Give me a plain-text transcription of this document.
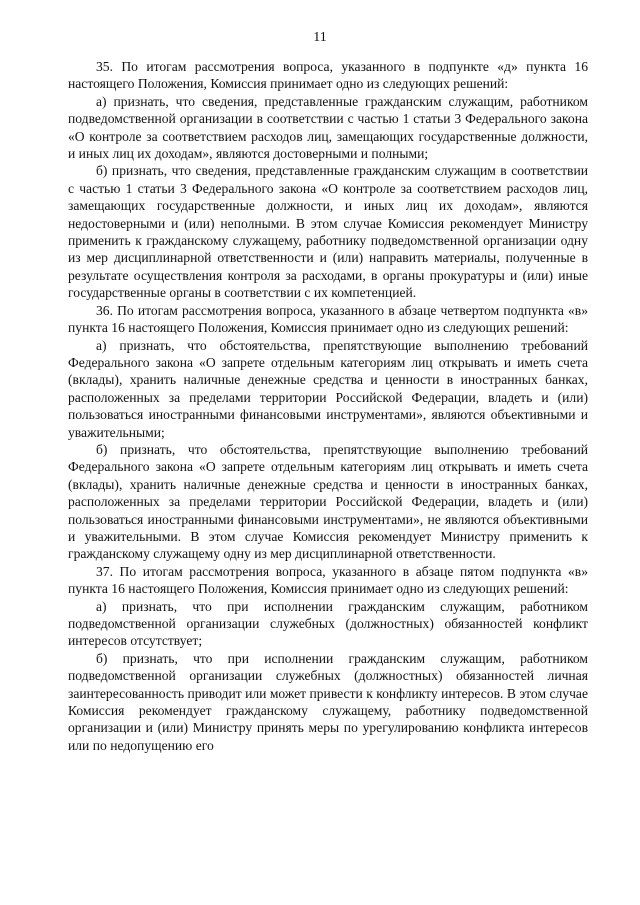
11

35. По итогам рассмотрения вопроса, указанного в подпункте «д» пункта 16 настоящего Положения, Комиссия принимает одно из следующих решений:

а) признать, что сведения, представленные гражданским служащим, работником подведомственной организации в соответствии с частью 1 статьи 3 Федерального закона «О контроле за соответствием расходов лиц, замещающих государственные должности, и иных лиц их доходам», являются достоверными и полными;

б) признать, что сведения, представленные гражданским служащим в соответствии с частью 1 статьи 3 Федерального закона «О контроле за соответствием расходов лиц, замещающих государственные должности, и иных лиц их доходам», являются недостоверными и (или) неполными. В этом случае Комиссия рекомендует Министру применить к гражданскому служащему, работнику подведомственной организации одну из мер дисциплинарной ответственности и (или) направить материалы, полученные в результате осуществления контроля за расходами, в органы прокуратуры и (или) иные государственные органы в соответствии с их компетенцией.

36. По итогам рассмотрения вопроса, указанного в абзаце четвертом подпункта «в» пункта 16 настоящего Положения, Комиссия принимает одно из следующих решений:

а) признать, что обстоятельства, препятствующие выполнению требований Федерального закона «О запрете отдельным категориям лиц открывать и иметь счета (вклады), хранить наличные денежные средства и ценности в иностранных банках, расположенных за пределами территории Российской Федерации, владеть и (или) пользоваться иностранными финансовыми инструментами», являются объективными и уважительными;

б) признать, что обстоятельства, препятствующие выполнению требований Федерального закона «О запрете отдельным категориям лиц открывать и иметь счета (вклады), хранить наличные денежные средства и ценности в иностранных банках, расположенных за пределами территории Российской Федерации, владеть и (или) пользоваться иностранными финансовыми инструментами», не являются объективными и уважительными. В этом случае Комиссия рекомендует Министру применить к гражданскому служащему одну из мер дисциплинарной ответственности.

37. По итогам рассмотрения вопроса, указанного в абзаце пятом подпункта «в» пункта 16 настоящего Положения, Комиссия принимает одно из следующих решений:

а) признать, что при исполнении гражданским служащим, работником подведомственной организации служебных (должностных) обязанностей конфликт интересов отсутствует;

б) признать, что при исполнении гражданским служащим, работником подведомственной организации служебных (должностных) обязанностей личная заинтересованность приводит или может привести к конфликту интересов. В этом случае Комиссия рекомендует гражданскому служащему, работнику подведомственной организации и (или) Министру принять меры по урегулированию конфликта интересов или по недопущению его
